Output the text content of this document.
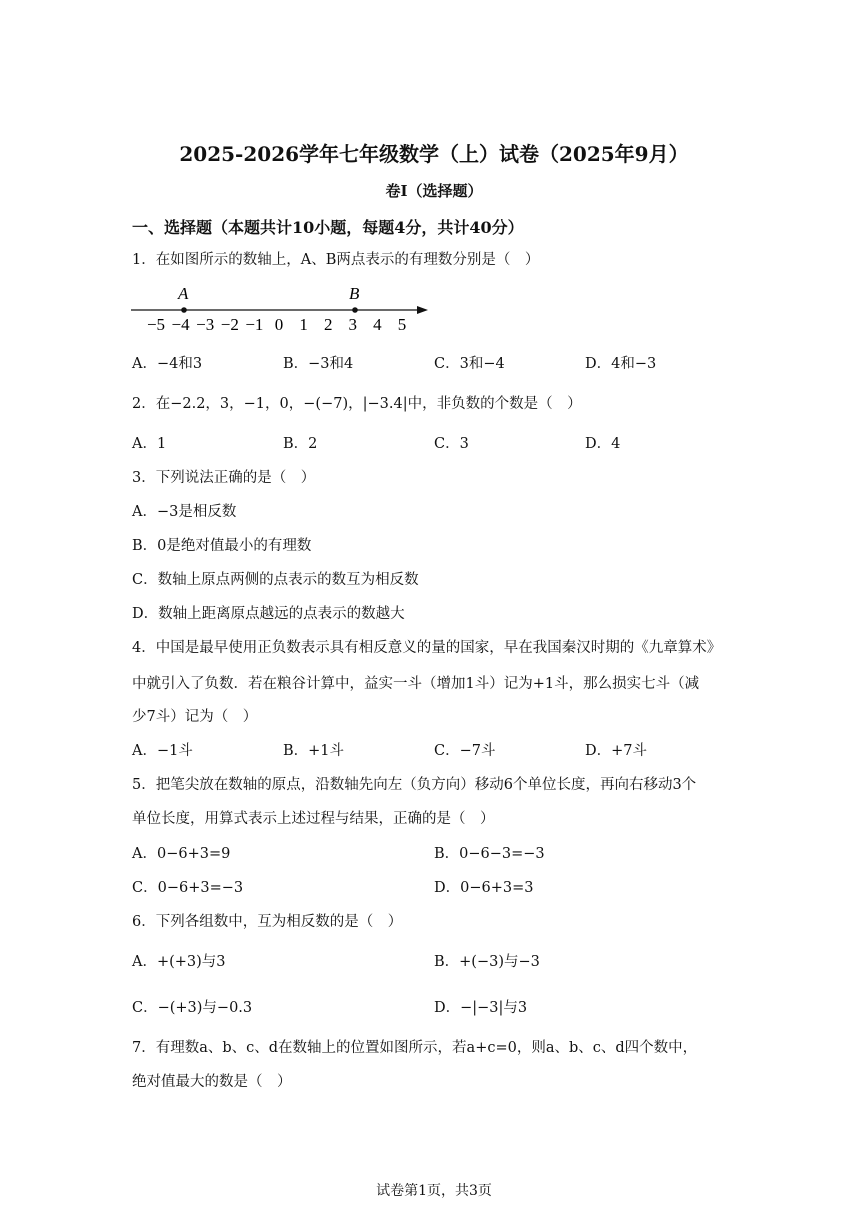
2025-2026学年七年级数学（上）试卷（2025年9月）
卷I（选择题）
一、选择题（本题共计10小题，每题4分，共计40分）
1．在如图所示的数轴上，A、B两点表示的有理数分别是（　）
−5 −4 −3 −2 −1 0 1 2 3 4 5
A	B
A．−4和3	B．−3和4	C．3和−4	D．4和−3
2．在−2.2，3，−1，0，−(−7)，|−3.4|中，非负数的个数是（　）
A．1	B．2	C．3	D．4
3．下列说法正确的是（　）
A．−3是相反数
B．0是绝对值最小的有理数
C．数轴上原点两侧的点表示的数互为相反数
D．数轴上距离原点越远的点表示的数越大
4．中国是最早使用正负数表示具有相反意义的量的国家，早在我国秦汉时期的《九章算术》
中就引入了负数．若在粮谷计算中，益实一斗（增加1斗）记为+1斗，那么损实七斗（减
少7斗）记为（　）
A．−1斗	B．+1斗	C．−7斗	D．+7斗
5．把笔尖放在数轴的原点，沿数轴先向左（负方向）移动6个单位长度，再向右移动3个
单位长度，用算式表示上述过程与结果，正确的是（　）
A．0−6+3=9	B．0−6−3=−3
C．0−6+3=−3	D．0−6+3=3
6．下列各组数中，互为相反数的是（　）
A．+(+3)与3	B．+(−3)与−3
C．−(+3)与−0.3	D．−|−3|与3
7．有理数a、b、c、d在数轴上的位置如图所示，若a+c=0，则a、b、c、d四个数中，
绝对值最大的数是（　）
试卷第1页，共3页
